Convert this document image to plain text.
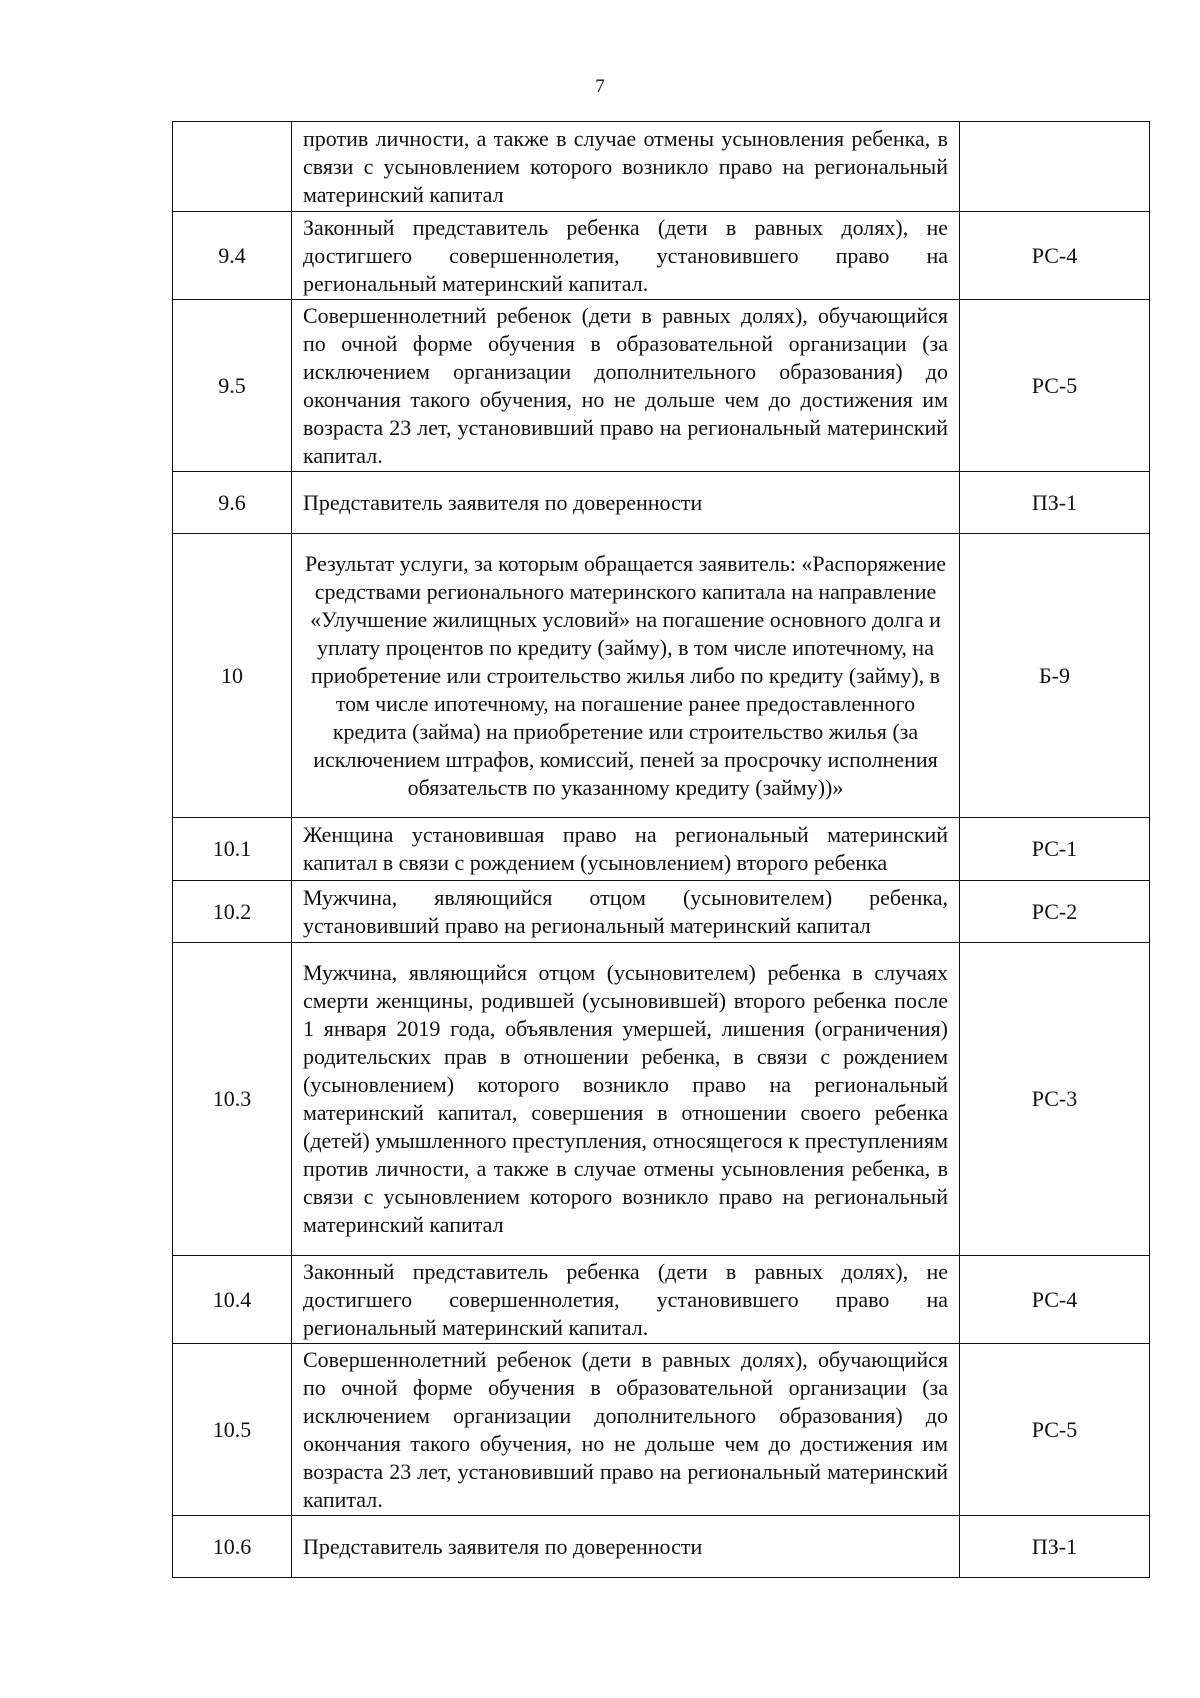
7
	против личности, а также в случае отмены усыновления ребенка, в связи с усыновлением которого возникло право на региональный материнский капитал	
9.4	Законный представитель ребенка (дети в равных долях), не достигшего совершеннолетия, установившего право на региональный материнский капитал.	РС-4
9.5	Совершеннолетний ребенок (дети в равных долях), обучающийся по очной форме обучения в образовательной организации (за исключением организации дополнительного образования) до окончания такого обучения, но не дольше чем до достижения им возраста 23 лет, установивший право на региональный материнский капитал.	РС-5
9.6	Представитель заявителя по доверенности	ПЗ-1
10	Результат услуги, за которым обращается заявитель: «Распоряжение средствами регионального материнского капитала на направление «Улучшение жилищных условий» на погашение основного долга и уплату процентов по кредиту (займу), в том числе ипотечному, на приобретение или строительство жилья либо по кредиту (займу), в том числе ипотечному, на погашение ранее предоставленного кредита (займа) на приобретение или строительство жилья (за исключением штрафов, комиссий, пеней за просрочку исполнения обязательств по указанному кредиту (займу))»	Б-9
10.1	Женщина установившая право на региональный материнский капитал в связи с рождением (усыновлением) второго ребенка	РС-1
10.2	Мужчина, являющийся отцом (усыновителем) ребенка, установивший право на региональный материнский капитал	РС-2
10.3	Мужчина, являющийся отцом (усыновителем) ребенка в случаях смерти женщины, родившей (усыновившей) второго ребенка после 1 января 2019 года, объявления умершей, лишения (ограничения) родительских прав в отношении ребенка, в связи с рождением (усыновлением) которого возникло право на региональный материнский капитал, совершения в отношении своего ребенка (детей) умышленного преступления, относящегося к преступлениям против личности, а также в случае отмены усыновления ребенка, в связи с усыновлением которого возникло право на региональный материнский капитал	РС-3
10.4	Законный представитель ребенка (дети в равных долях), не достигшего совершеннолетия, установившего право на региональный материнский капитал.	РС-4
10.5	Совершеннолетний ребенок (дети в равных долях), обучающийся по очной форме обучения в образовательной организации (за исключением организации дополнительного образования) до окончания такого обучения, но не дольше чем до достижения им возраста 23 лет, установивший право на региональный материнский капитал.	РС-5
10.6	Представитель заявителя по доверенности	ПЗ-1
